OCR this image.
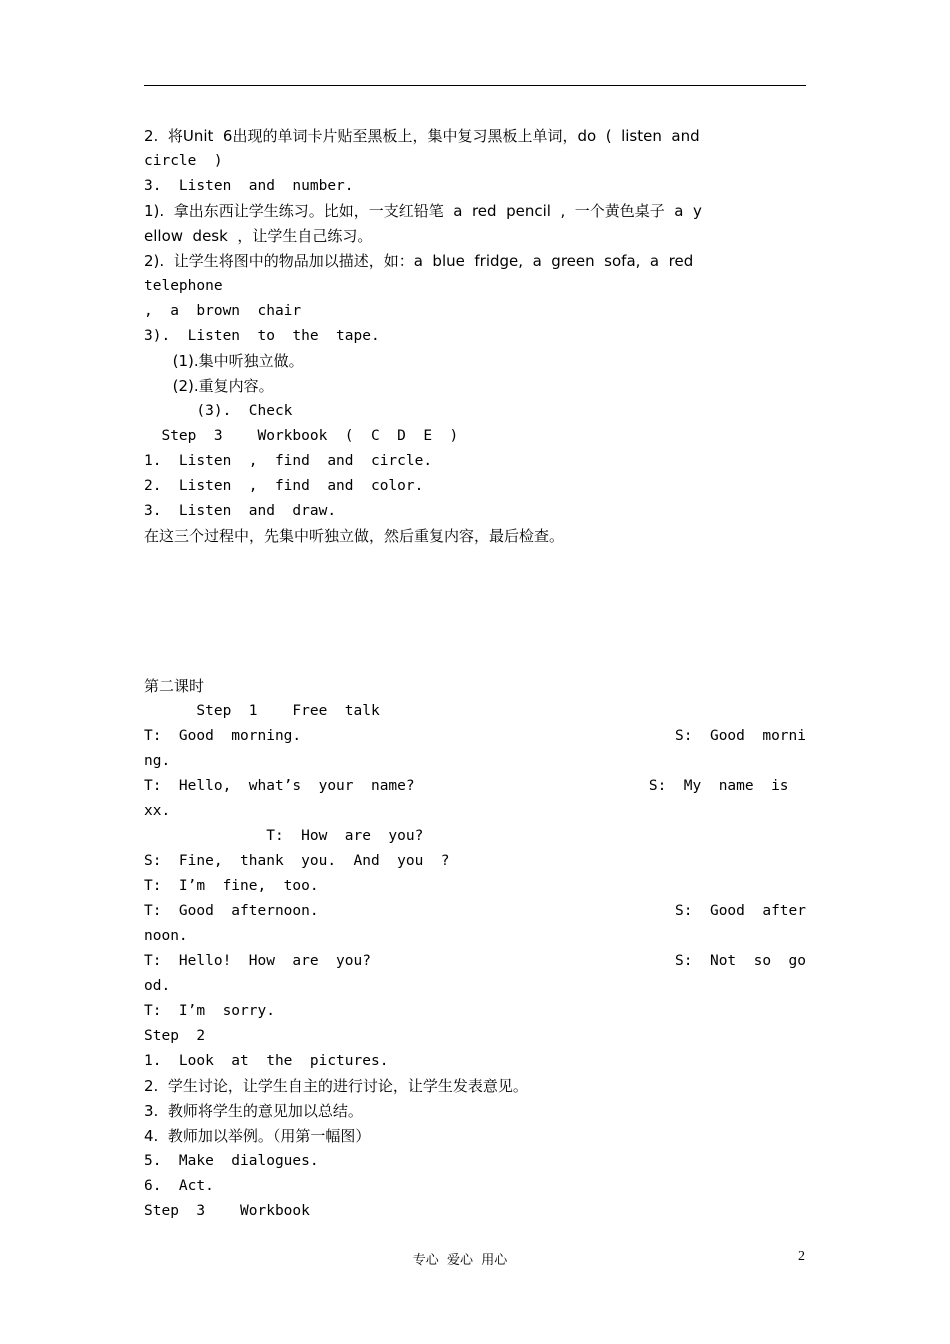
2.  将Unit  6出现的单词卡片贴至黑板上，集中复习黑板上单词，do  (  listen  and
circle  )
3.  Listen  and  number.
1).  拿出东西让学生练习。比如，一支红铅笔  a  red  pencil  ,  一个黄色桌子  a  y
ellow  desk  ，让学生自己练习。
2).  让学生将图中的物品加以描述，如：a  blue  fridge,  a  green  sofa,  a  red
telephone
,  a  brown  chair
3).  Listen  to  the  tape.
(1).集中听独立做。
(2).重复内容。
(3).  Check
Step  3    Workbook  (  C  D  E  )
1.  Listen  ,  find  and  circle.
2.  Listen  ,  find  and  color.
3.  Listen  and  draw.
在这三个过程中，先集中听独立做，然后重复内容，最后检查。
第二课时
Step  1    Free  talk
T:  Good  morning.	S:  Good  morni
ng.
T:  Hello,  what’s  your  name?	S:  My  name  is
xx.
T:  How  are  you?
S:  Fine,  thank  you.  And  you  ?
T:  I’m  fine,  too.
T:  Good  afternoon.	S:  Good  after
noon.
T:  Hello!  How  are  you?	S:  Not  so  go
od.
T:  I’m  sorry.
Step  2
1.  Look  at  the  pictures.
2.  学生讨论，让学生自主的进行讨论，让学生发表意见。
3.  教师将学生的意见加以总结。
4.  教师加以举例。（用第一幅图）
5.  Make  dialogues.
6.  Act.
Step  3    Workbook
专心  爱心  用心	2
